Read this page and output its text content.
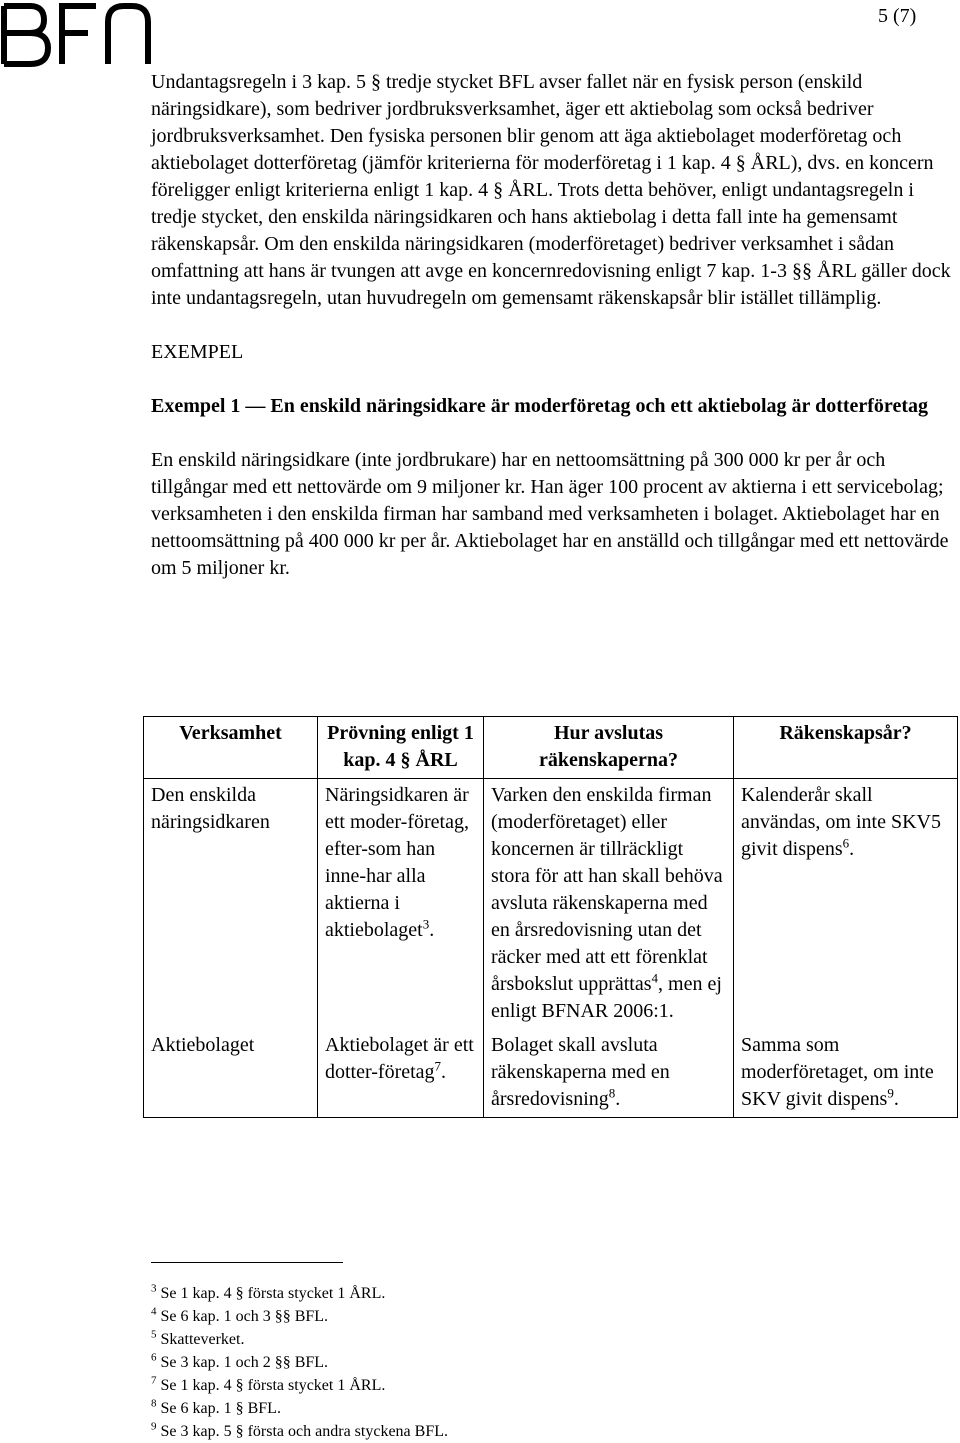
5 (7)

Undantagsregeln i 3 kap. 5 § tredje stycket BFL avser fallet när en fysisk person (enskild näringsidkare), som bedriver jordbruksverksamhet, äger ett aktiebolag som också bedriver jordbruksverksamhet. Den fysiska personen blir genom att äga aktiebolaget moderföretag och aktiebolaget dotterföretag (jämför kriterierna för moderföretag i 1 kap. 4 § ÅRL), dvs. en koncern föreligger enligt kriterierna enligt 1 kap. 4 § ÅRL. Trots detta behöver, enligt undantagsregeln i tredje stycket, den enskilda näringsidkaren och hans aktiebolag i detta fall inte ha gemensamt räkenskapsår. Om den enskilda näringsidkaren (moderföretaget) bedriver verksamhet i sådan omfattning att hans är tvungen att avge en koncernredovisning enligt 7 kap. 1-3 §§ ÅRL gäller dock inte undantagsregeln, utan huvudregeln om gemensamt räkenskapsår blir istället tillämplig.

EXEMPEL
Exempel 1 — En enskild näringsidkare är moderföretag och ett aktiebolag är dotterföretag

En enskild näringsidkare (inte jordbrukare) har en nettoomsättning på 300 000 kr per år och tillgångar med ett nettovärde om 9 miljoner kr. Han äger 100 procent av aktierna i ett servicebolag; verksamheten i den enskilda firman har samband med verksamheten i bolaget. Aktiebolaget har en nettoomsättning på 400 000 kr per år. Aktiebolaget har en anställd och tillgångar med ett nettovärde om 5 miljoner kr.

Verksamhet	Prövning enligt 1 kap. 4 § ÅRL	Hur avslutas räkenskaperna?	Räkenskapsår?
Den enskilda näringsidkaren	Näringsidkaren är ett moder-företag, efter-som han inne-har alla aktierna i aktiebolaget$^3$.	Varken den enskilda firman (moderföretaget) eller koncernen är tillräckligt stora för att han skall behöva avsluta räkenskaperna med en årsredovisning utan det räcker med att ett förenklat årsbokslut upprättas$^4$, men ej enligt BFNAR 2006:1.	Kalenderår skall användas, om inte SKV5 givit dispens$^6$.
Aktiebolaget	Aktiebolaget är ett dotter-företag$^7$.	Bolaget skall avsluta räkenskaperna med en årsredovisning$^8$.	Samma som moderföretaget, om inte SKV givit dispens$^9$.
$^3$ Se 1 kap. 4 § första stycket 1 ÅRL.
$^4$ Se 6 kap. 1 och 3 §§ BFL.
$^5$ Skatteverket.
$^6$ Se 3 kap. 1 och 2 §§ BFL.
$^7$ Se 1 kap. 4 § första stycket 1 ÅRL.
$^8$ Se 6 kap. 1 § BFL.
$^9$ Se 3 kap. 5 § första och andra styckena BFL.
